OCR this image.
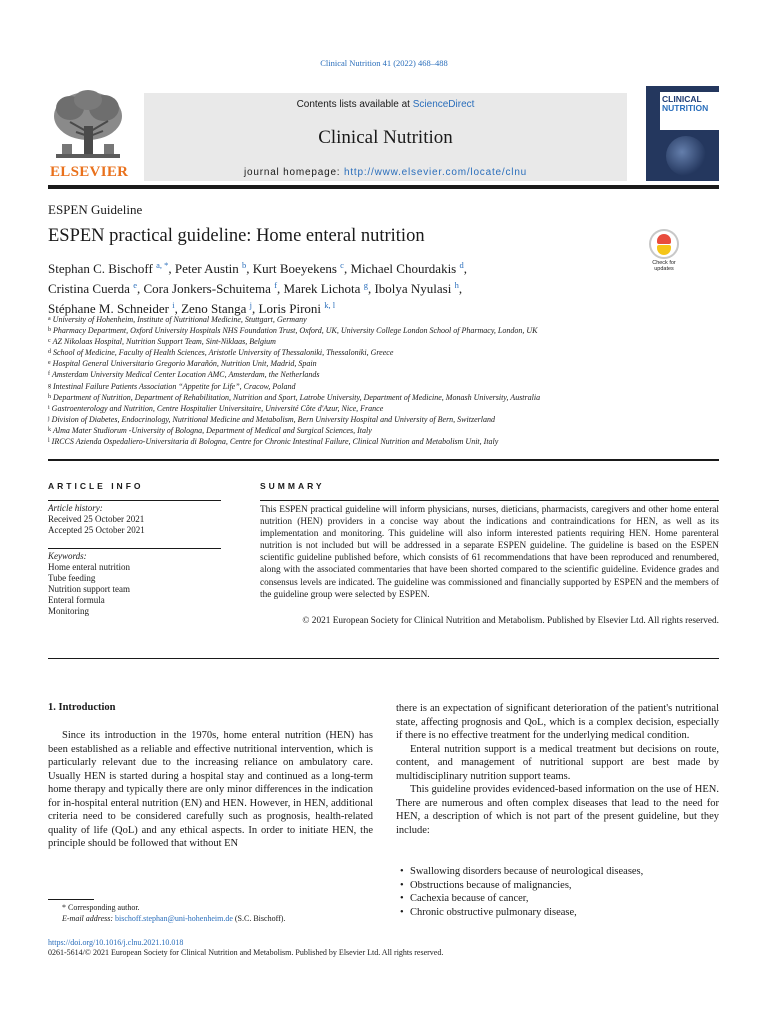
Clinical Nutrition 41 (2022) 468–488
ELSEVIER
Contents lists available at ScienceDirect
Clinical Nutrition
journal homepage: http://www.elsevier.com/locate/clnu
CLINICAL
NUTRITION
ESPEN Guideline
ESPEN practical guideline: Home enteral nutrition
Check for updates
Stephan C. Bischoff $^{a, *}$, Peter Austin $^b$, Kurt Boeyekens $^c$, Michael Chourdakis $^d$,
Cristina Cuerda $^e$, Cora Jonkers-Schuitema $^f$, Marek Lichota $^g$, Ibolya Nyulasi $^h$,
Stéphane M. Schneider $^i$, Zeno Stanga $^j$, Loris Pironi $^{k, l}$
$^a$ University of Hohenheim, Institute of Nutritional Medicine, Stuttgart, Germany
$^b$ Pharmacy Department, Oxford University Hospitals NHS Foundation Trust, Oxford, UK, University College London School of Pharmacy, London, UK
$^c$ AZ Nikolaas Hospital, Nutrition Support Team, Sint-Niklaas, Belgium
$^d$ School of Medicine, Faculty of Health Sciences, Aristotle University of Thessaloniki, Thessaloniki, Greece
$^e$ Hospital General Universitario Gregorio Marañón, Nutrition Unit, Madrid, Spain
$^f$ Amsterdam University Medical Center Location AMC, Amsterdam, the Netherlands
$^g$ Intestinal Failure Patients Association “Appetite for Life”, Cracow, Poland
$^h$ Department of Nutrition, Department of Rehabilitation, Nutrition and Sport, Latrobe University, Department of Medicine, Monash University, Australia
$^i$ Gastroenterology and Nutrition, Centre Hospitalier Universitaire, Université Côte d'Azur, Nice, France
$^j$ Division of Diabetes, Endocrinology, Nutritional Medicine and Metabolism, Bern University Hospital and University of Bern, Switzerland
$^k$ Alma Mater Studiorum -University of Bologna, Department of Medical and Surgical Sciences, Italy
$^l$ IRCCS Azienda Ospedaliero-Universitaria di Bologna, Centre for Chronic Intestinal Failure, Clinical Nutrition and Metabolism Unit, Italy
ARTICLE INFO	SUMMARY
Article history:
Received 25 October 2021
Accepted 25 October 2021
Keywords:
Home enteral nutrition
Tube feeding
Nutrition support team
Enteral formula
Monitoring
This ESPEN practical guideline will inform physicians, nurses, dieticians, pharmacists, caregivers and other home enteral nutrition (HEN) providers in a concise way about the indications and contraindications for HEN, as well as its implementation and monitoring. This guideline will also inform interested patients requiring HEN. Home parenteral nutrition is not included but will be addressed in a separate ESPEN guideline. The guideline is based on the ESPEN scientific guideline published before, which consists of 61 recommendations that have been reproduced and renumbered, along with the associated commentaries that have been shorted compared to the scientific guideline. Evidence grades and consensus levels are indicated. The guideline was commissioned and financially supported by ESPEN and the members of the guideline group were selected by ESPEN.
© 2021 European Society for Clinical Nutrition and Metabolism. Published by Elsevier Ltd. All rights reserved.
1. Introduction

Since its introduction in the 1970s, home enteral nutrition (HEN) has been established as a reliable and effective nutritional intervention, which is particularly relevant due to the increasing reliance on ambulatory care. Usually HEN is started during a hospital stay and continued as a long-term home therapy and typically there are only minor differences in the indication for in-hospital enteral nutrition (EN) and HEN. However, in HEN, additional criteria need to be considered carefully such as prognosis, health-related quality of life (QoL) and any ethical aspects. In order to initiate HEN, the principle should be followed that without EN

there is an expectation of significant deterioration of the patient's nutritional state, affecting prognosis and QoL, which is a complex decision, especially if there is no effective treatment for the underlying medical condition.

Enteral nutrition support is a medical treatment but decisions on route, content, and management of nutritional support are best made by multidisciplinary nutrition support teams.

This guideline provides evidenced-based information on the use of HEN. There are numerous and often complex diseases that lead to the need for HEN, a description of which is not part of the present guideline, but they include:

• Swallowing disorders because of neurological diseases,
• Obstructions because of malignancies,
• Cachexia because of cancer,
• Chronic obstructive pulmonary disease,
* Corresponding author.
E-mail address: bischoff.stephan@uni-hohenheim.de (S.C. Bischoff).
https://doi.org/10.1016/j.clnu.2021.10.018
0261-5614/© 2021 European Society for Clinical Nutrition and Metabolism. Published by Elsevier Ltd. All rights reserved.
